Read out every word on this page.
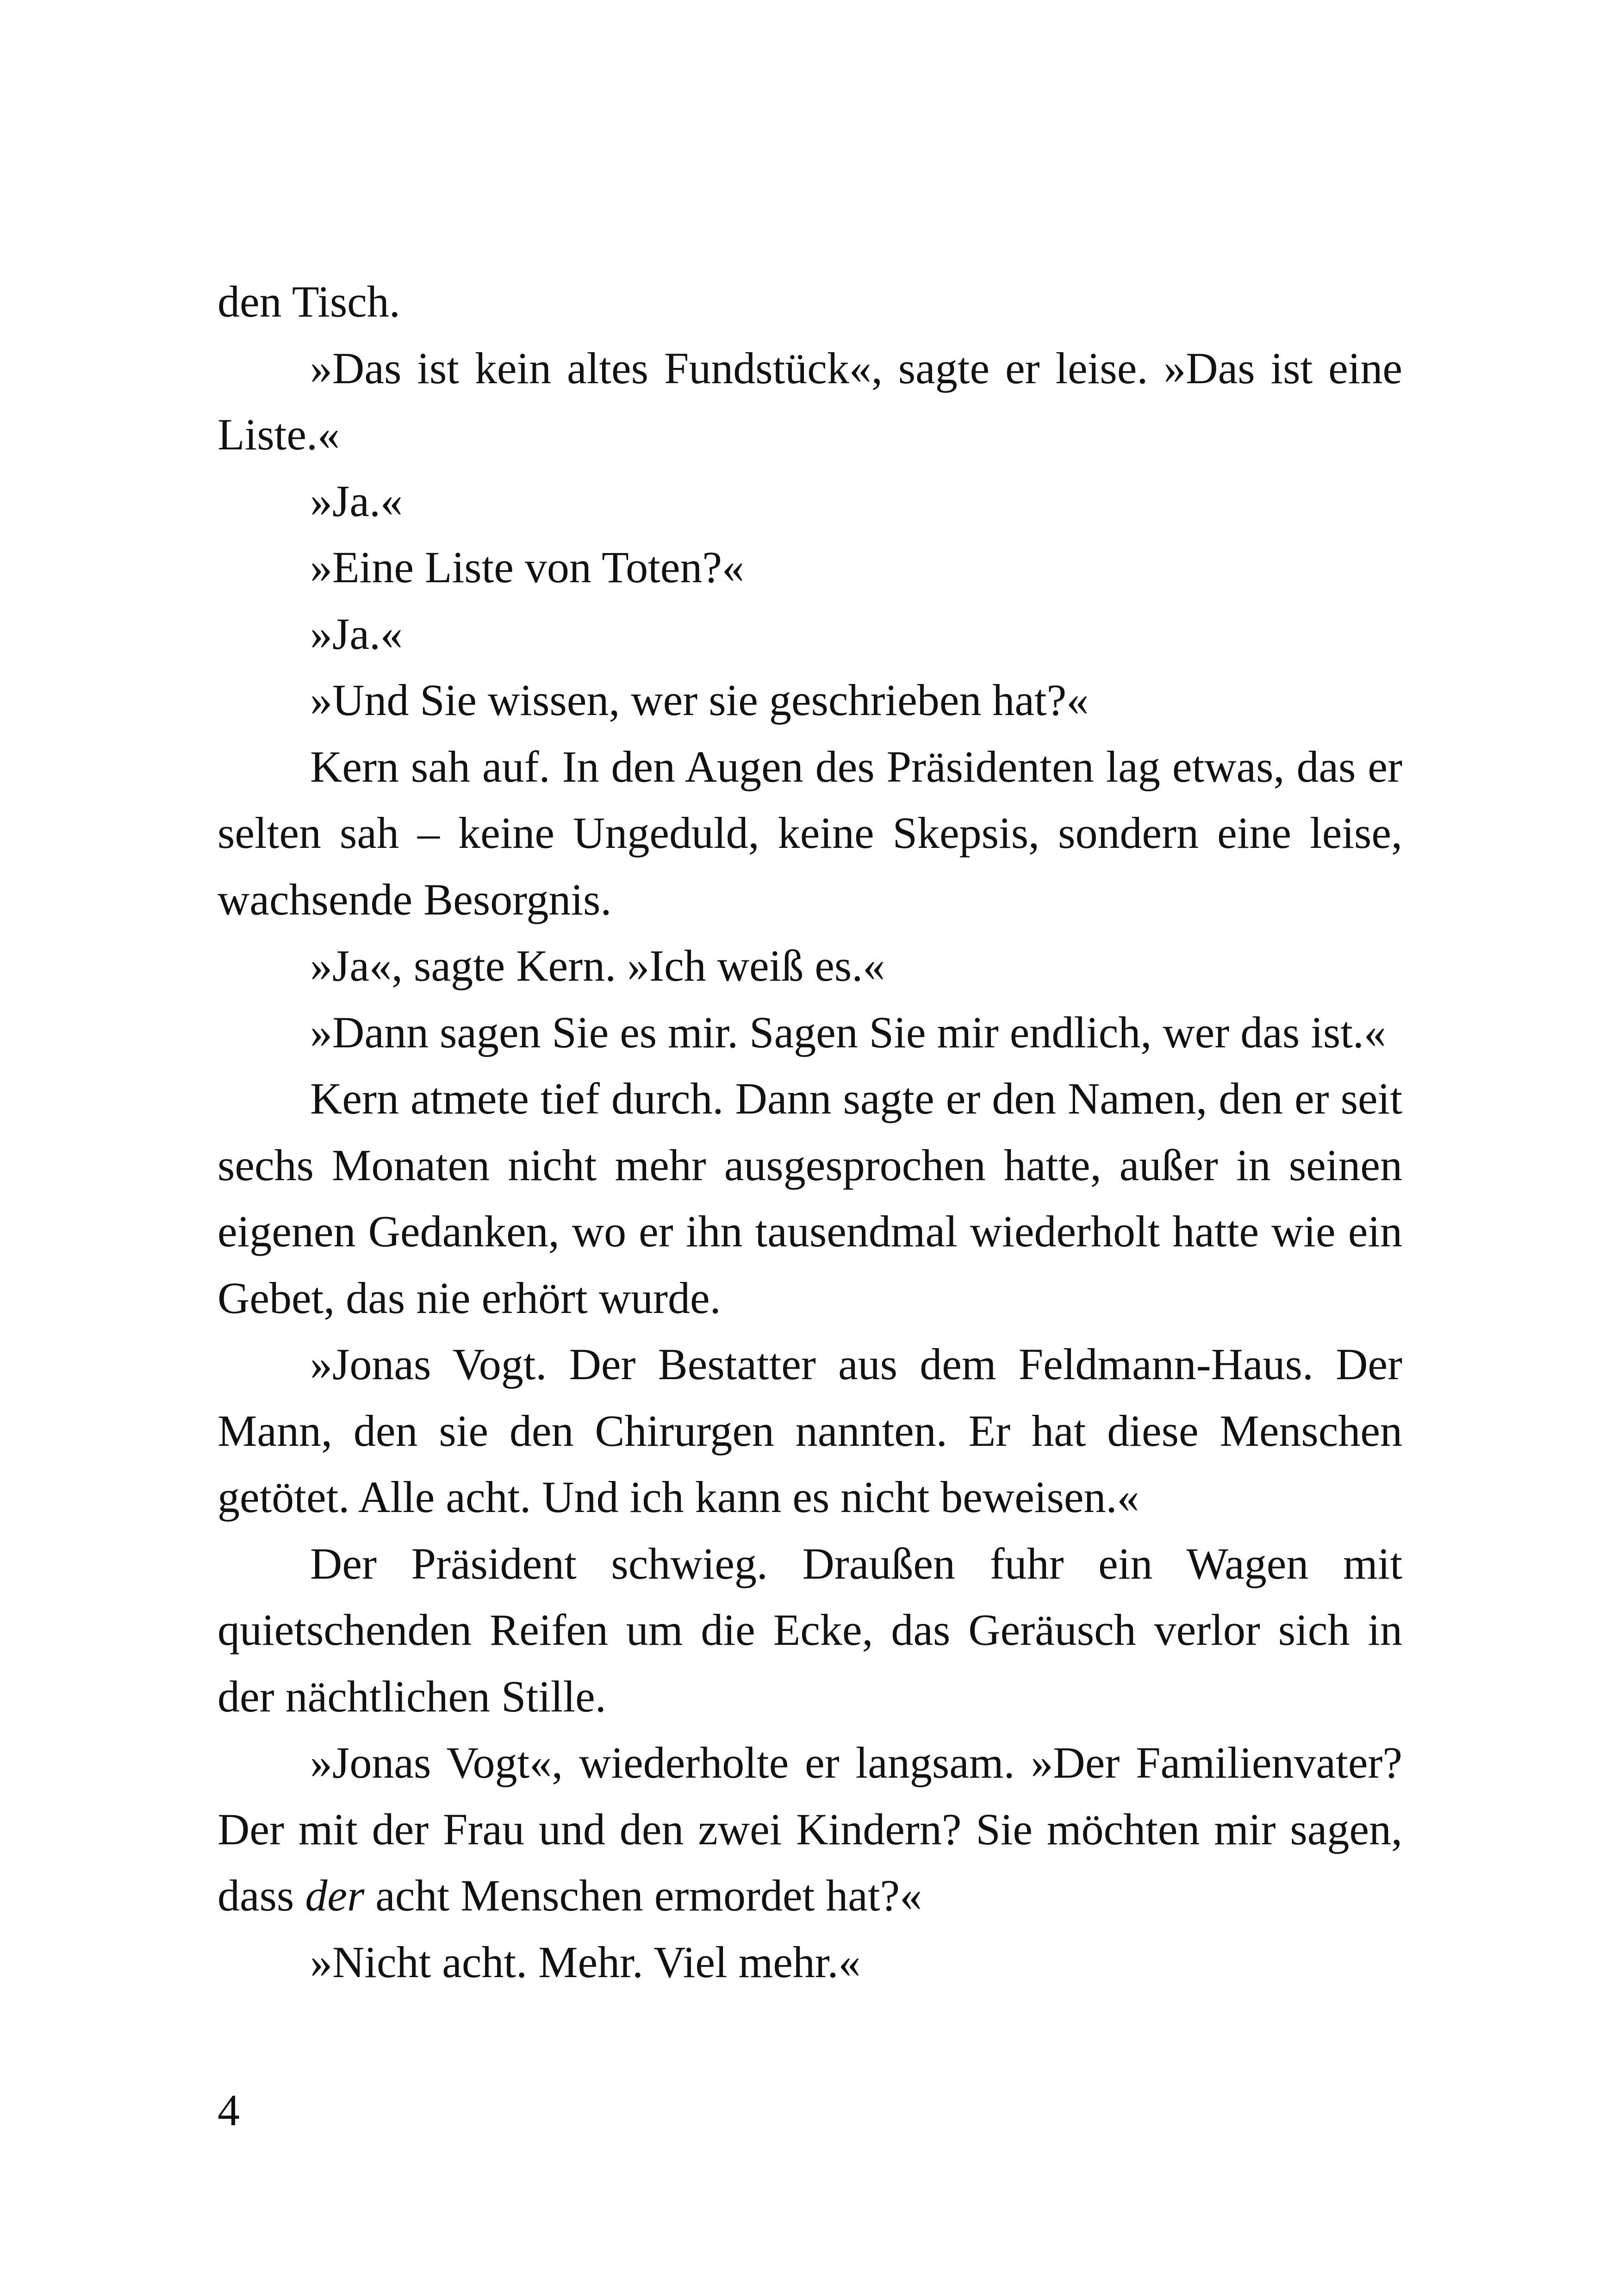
den Tisch.

»Das ist kein altes Fundstück«, sagte er leise. »Das ist eine Liste.«

»Ja.«

»Eine Liste von Toten?«

»Ja.«

»Und Sie wissen, wer sie geschrieben hat?«

Kern sah auf. In den Augen des Präsidenten lag etwas, das er selten sah – keine Ungeduld, keine Skepsis, sondern eine leise, wachsende Besorgnis.

»Ja«, sagte Kern. »Ich weiß es.«

»Dann sagen Sie es mir. Sagen Sie mir endlich, wer das ist.«

Kern atmete tief durch. Dann sagte er den Namen, den er seit sechs Monaten nicht mehr ausgesprochen hatte, außer in seinen eigenen Gedanken, wo er ihn tausendmal wiederholt hatte wie ein Gebet, das nie erhört wurde.

»Jonas Vogt. Der Bestatter aus dem Feldmann-Haus. Der Mann, den sie den Chirurgen nannten. Er hat diese Menschen getötet. Alle acht. Und ich kann es nicht beweisen.«

Der Präsident schwieg. Draußen fuhr ein Wagen mit quietschenden Reifen um die Ecke, das Geräusch verlor sich in der nächtlichen Stille.

»Jonas Vogt«, wiederholte er langsam. »Der Familienvater? Der mit der Frau und den zwei Kindern? Sie möchten mir sagen, dass der acht Menschen ermordet hat?«

»Nicht acht. Mehr. Viel mehr.«

4
